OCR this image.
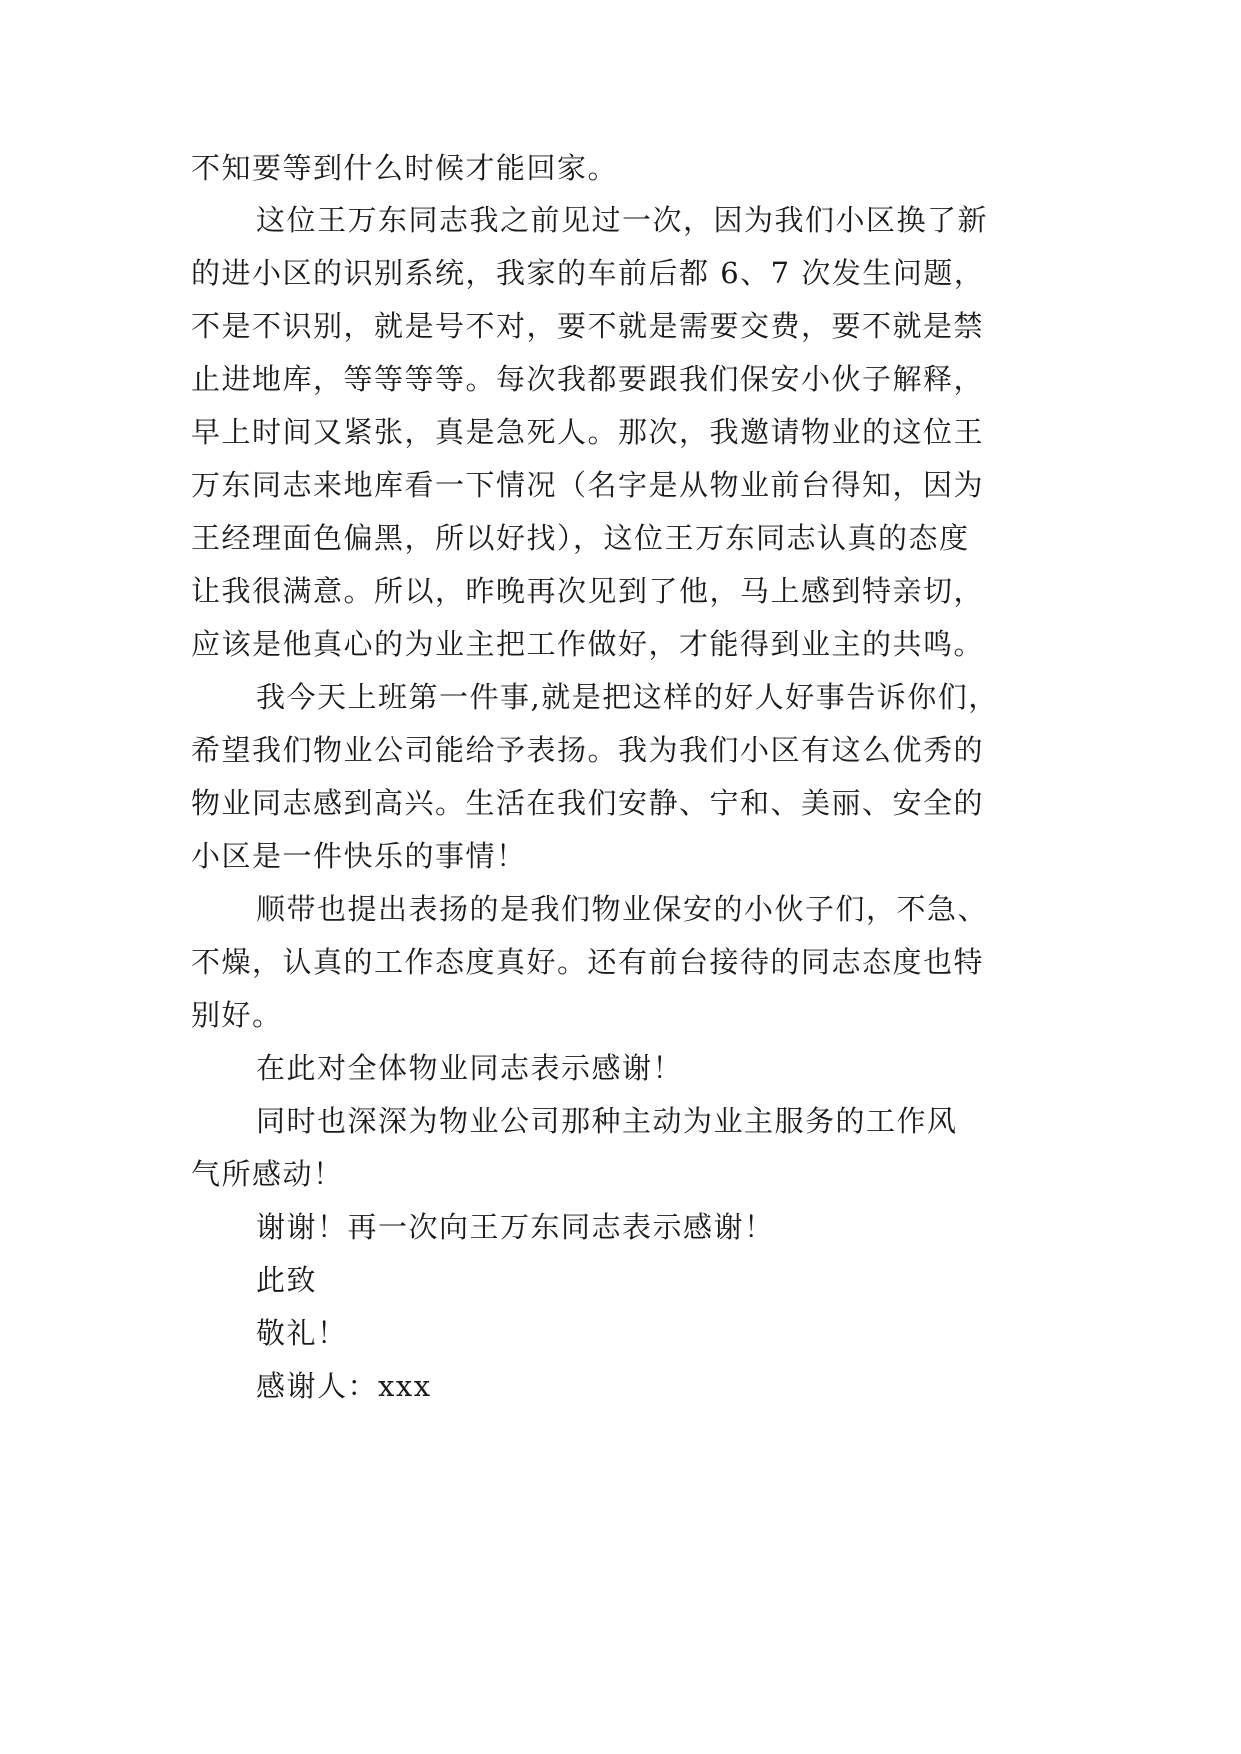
不知要等到什么时候才能回家。
这位王万东同志我之前见过一次，因为我们小区换了新
的进小区的识别系统，我家的车前后都 6、7 次发生问题，
不是不识别，就是号不对，要不就是需要交费，要不就是禁
止进地库，等等等等。每次我都要跟我们保安小伙子解释，
早上时间又紧张，真是急死人。那次，我邀请物业的这位王
万东同志来地库看一下情况（名字是从物业前台得知，因为
王经理面色偏黑，所以好找），这位王万东同志认真的态度
让我很满意。所以，昨晚再次见到了他，马上感到特亲切，
应该是他真心的为业主把工作做好，才能得到业主的共鸣。
我今天上班第一件事,就是把这样的好人好事告诉你们，
希望我们物业公司能给予表扬。我为我们小区有这么优秀的
物业同志感到高兴。生活在我们安静、宁和、美丽、安全的
小区是一件快乐的事情！
顺带也提出表扬的是我们物业保安的小伙子们，不急、
不燥，认真的工作态度真好。还有前台接待的同志态度也特
别好。
在此对全体物业同志表示感谢！
同时也深深为物业公司那种主动为业主服务的工作风
气所感动！
谢谢！再一次向王万东同志表示感谢！
此致
敬礼！
感谢人：xxx
